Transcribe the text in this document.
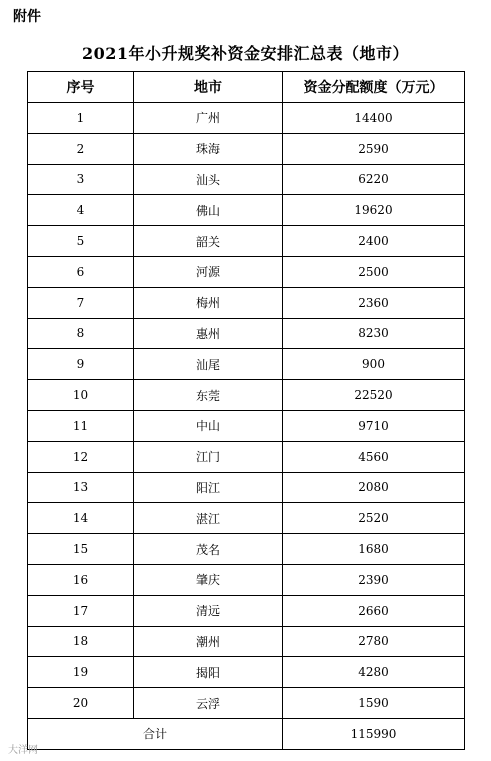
附件
2021年小升规奖补资金安排汇总表（地市）
序号	地市	资金分配额度（万元）
1	广州	14400
2	珠海	2590
3	汕头	6220
4	佛山	19620
5	韶关	2400
6	河源	2500
7	梅州	2360
8	惠州	8230
9	汕尾	900
10	东莞	22520
11	中山	9710
12	江门	4560
13	阳江	2080
14	湛江	2520
15	茂名	1680
16	肇庆	2390
17	清远	2660
18	潮州	2780
19	揭阳	4280
20	云浮	1590
合计		115990
大洋网
